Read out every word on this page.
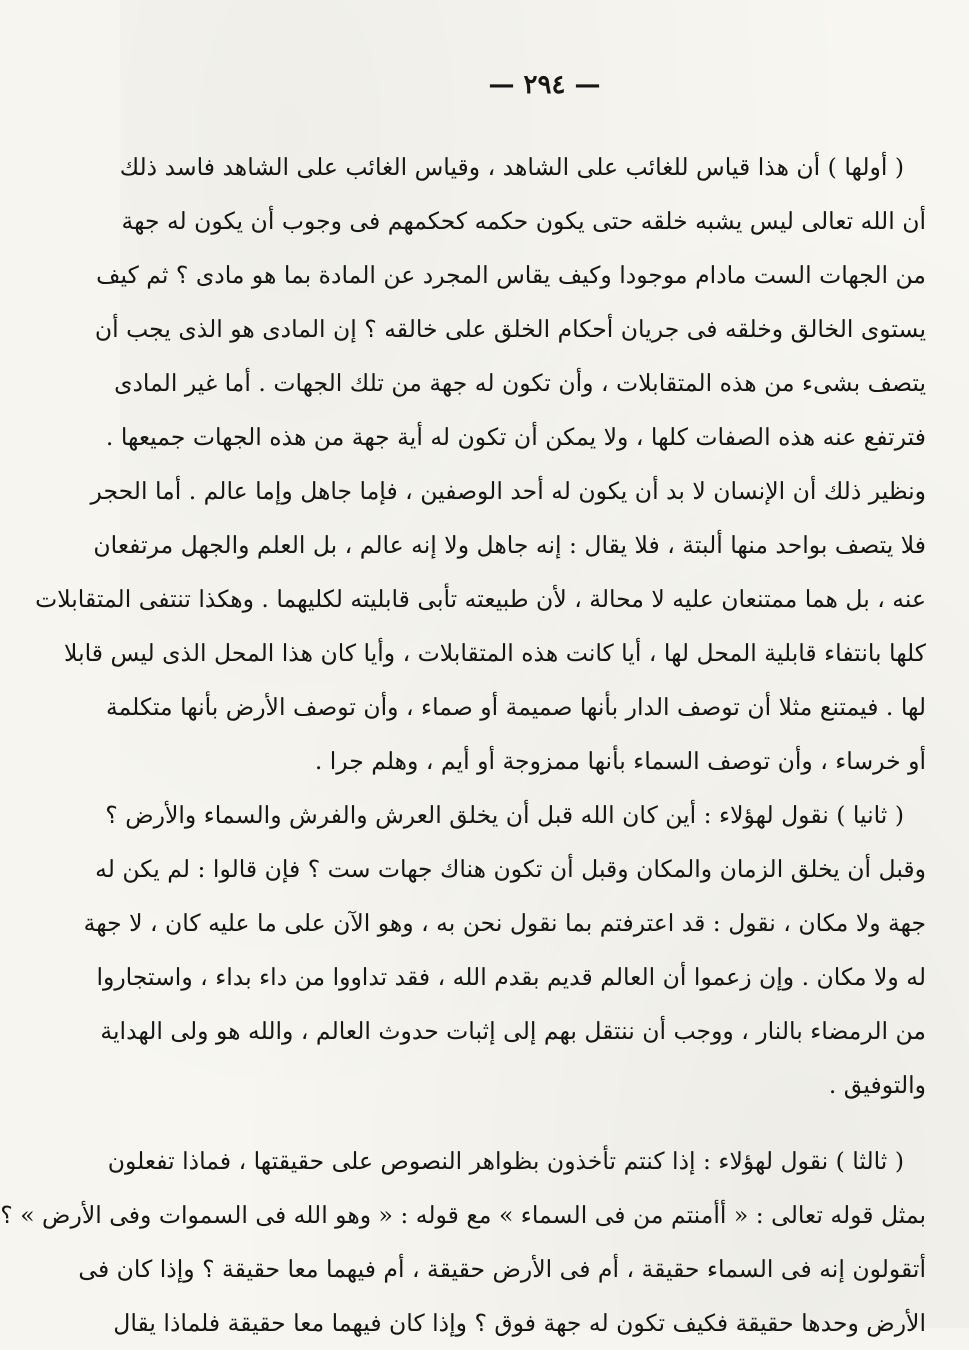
— ٢٩٤ —
( أولها ) أن هذا قياس للغائب على الشاهد ، وقياس الغائب على الشاهد فاسد ذلك
أن الله تعالى ليس يشبه خلقه حتى يكون حكمه كحكمهم فى وجوب أن يكون له جهة
من الجهات الست مادام موجودا وكيف يقاس المجرد عن المادة بما هو مادى ؟ ثم كيف
يستوى الخالق وخلقه فى جريان أحكام الخلق على خالقه ؟ إن المادى هو الذى يجب أن
يتصف بشىء من هذه المتقابلات ، وأن تكون له جهة من تلك الجهات . أما غير المادى
فترتفع عنه هذه الصفات كلها ، ولا يمكن أن تكون له أية جهة من هذه الجهات جميعها .
ونظير ذلك أن الإنسان لا بد أن يكون له أحد الوصفين ، فإما جاهل وإما عالم . أما الحجر
فلا يتصف بواحد منها ألبتة ، فلا يقال : إنه جاهل ولا إنه عالم ، بل العلم والجهل مرتفعان
عنه ، بل هما ممتنعان عليه لا محالة ، لأن طبيعته تأبى قابليته لكليهما . وهكذا تنتفى المتقابلات
كلها بانتفاء قابلية المحل لها ، أيا كانت هذه المتقابلات ، وأيا كان هذا المحل الذى ليس قابلا
لها . فيمتنع مثلا أن توصف الدار بأنها صميمة أو صماء ، وأن توصف الأرض بأنها متكلمة
أو خرساء ، وأن توصف السماء بأنها ممزوجة أو أيم ، وهلم جرا .
( ثانيا ) نقول لهؤلاء : أين كان الله قبل أن يخلق العرش والفرش والسماء والأرض ؟
وقبل أن يخلق الزمان والمكان وقبل أن تكون هناك جهات ست ؟ فإن قالوا : لم يكن له
جهة ولا مكان ، نقول : قد اعترفتم بما نقول نحن به ، وهو الآن على ما عليه كان ، لا جهة
له ولا مكان . وإن زعموا أن العالم قديم بقدم الله ، فقد تداووا من داء بداء ، واستجاروا
من الرمضاء بالنار ، ووجب أن ننتقل بهم إلى إثبات حدوث العالم ، والله هو ولى الهداية
والتوفيق .
( ثالثا ) نقول لهؤلاء : إذا كنتم تأخذون بظواهر النصوص على حقيقتها ، فماذا تفعلون
بمثل قوله تعالى : « أأمنتم من فى السماء » مع قوله : « وهو الله فى السموات وفى الأرض » ؟
أتقولون إنه فى السماء حقيقة ، أم فى الأرض حقيقة ، أم فيهما معا حقيقة ؟ وإذا كان فى
الأرض وحدها حقيقة فكيف تكون له جهة فوق ؟ وإذا كان فيهما معا حقيقة فلماذا يقال
